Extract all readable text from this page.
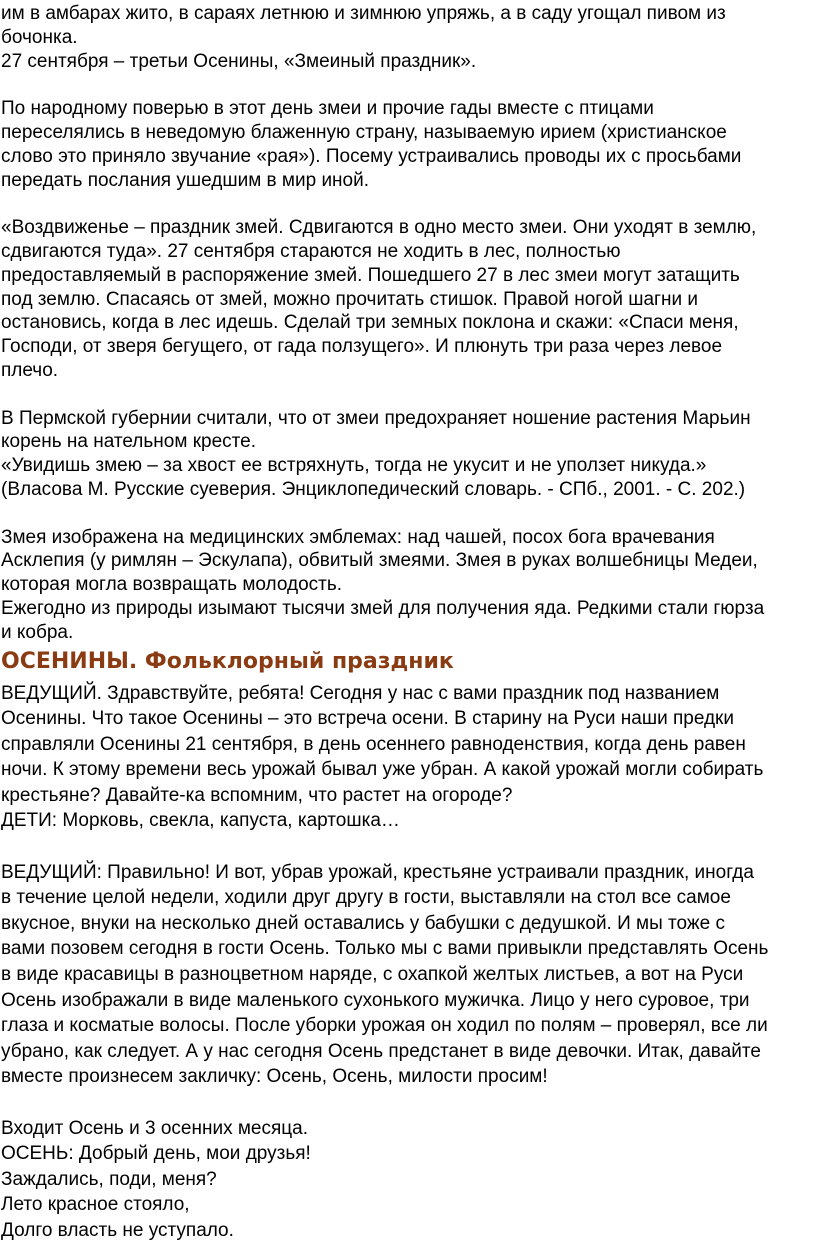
им в амбарах жито, в сараях летнюю и зимнюю упряжь, а в саду угощал пивом из
бочонка.
27 сентября – третьи Осенины, «Змеиный праздник».
По народному поверью в этот день змеи и прочие гады вместе с птицами
переселялись в неведомую блаженную страну, называемую ирием (христианское
слово это приняло звучание «рая»). Посему устраивались проводы их с просьбами
передать послания ушедшим в мир иной.
«Воздвиженье – праздник змей. Сдвигаются в одно место змеи. Они уходят в землю,
сдвигаются туда». 27 сентября стараются не ходить в лес, полностью
предоставляемый в распоряжение змей. Пошедшего 27 в лес змеи могут затащить
под землю. Спасаясь от змей, можно прочитать стишок. Правой ногой шагни и
остановись, когда в лес идешь. Сделай три земных поклона и скажи: «Спаси меня,
Господи, от зверя бегущего, от гада ползущего». И плюнуть три раза через левое
плечо.
В Пермской губернии считали, что от змеи предохраняет ношение растения Марьин
корень на нательном кресте.
«Увидишь змею – за хвост ее встряхнуть, тогда не укусит и не уползет никуда.»
(Власова М. Русские суеверия. Энциклопедический словарь. - СПб., 2001. - С. 202.)
Змея изображена на медицинских эмблемах: над чашей, посох бога врачевания
Асклепия (у римлян – Эскулапа), обвитый змеями. Змея в руках волшебницы Медеи,
которая могла возвращать молодость.
Ежегодно из природы изымают тысячи змей для получения яда. Редкими стали гюрза
и кобра.
ОСЕНИНЫ. Фольклорный праздник
ВЕДУЩИЙ. Здравствуйте, ребята! Сегодня у нас с вами праздник под названием
Осенины. Что такое Осенины – это встреча осени. В старину на Руси наши предки
справляли Осенины 21 сентября, в день осеннего равноденствия, когда день равен
ночи. К этому времени весь урожай бывал уже убран. А какой урожай могли собирать
крестьяне? Давайте-ка вспомним, что растет на огороде?
ДЕТИ: Морковь, свекла, капуста, картошка…
ВЕДУЩИЙ: Правильно! И вот, убрав урожай, крестьяне устраивали праздник, иногда
в течение целой недели, ходили друг другу в гости, выставляли на стол все самое
вкусное, внуки на несколько дней оставались у бабушки с дедушкой. И мы тоже с
вами позовем сегодня в гости Осень. Только мы с вами привыкли представлять Осень
в виде красавицы в разноцветном наряде, с охапкой желтых листьев, а вот на Руси
Осень изображали в виде маленького сухонького мужичка. Лицо у него суровое, три
глаза и косматые волосы. После уборки урожая он ходил по полям – проверял, все ли
убрано, как следует. А у нас сегодня Осень предстанет в виде девочки. Итак, давайте
вместе произнесем закличку: Осень, Осень, милости просим!
Входит Осень и 3 осенних месяца.
ОСЕНЬ: Добрый день, мои друзья!
Заждались, поди, меня?
Лето красное стояло,
Долго власть не уступало.
